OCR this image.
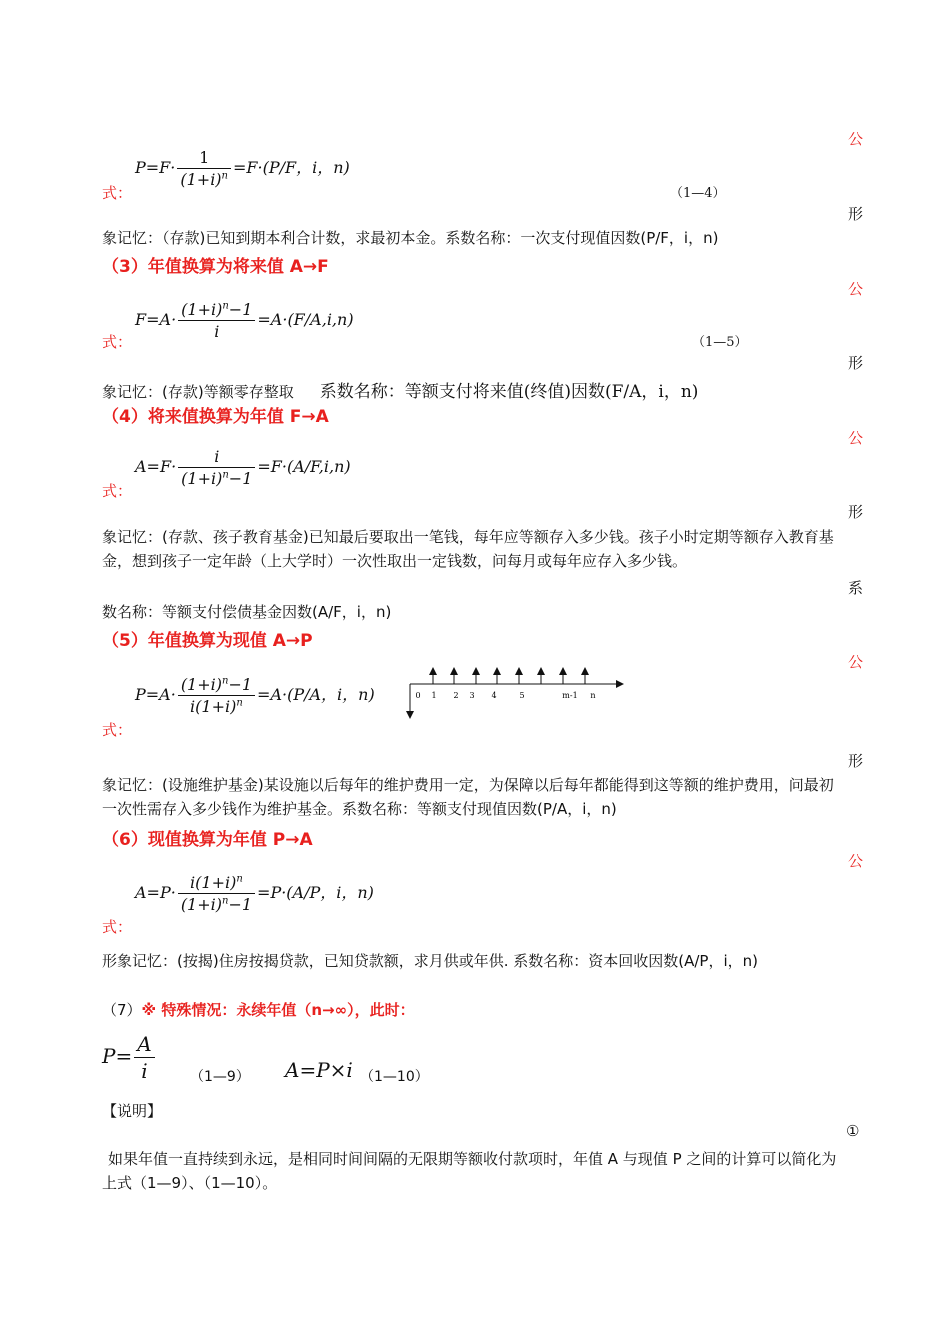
公
形
公
形
公
形
系
公
形
公
①
$P=F\cdot \frac{1}{(1+i)^n} =F\cdot(P/F$，i，n)
式：	（1—4）
象记忆：（存款)已知到期本利合计数，求最初本金。系数名称：一次支付现值因数(P/F，i，n)
（3）年值换算为将来值 A→F
$F=A\cdot \frac{(1+i)^n-1}{i} =A\cdot(F/A,i,n)$
式：	（1—5）
象记忆：(存款)等额零存整取 系数名称：等额支付将来值(终值)因数(F/A，i，n)
（4）将来值换算为年值 F→A
$A=F\cdot \frac{i}{(1+i)^n-1} =F\cdot(A/F,i,n)$
式：
象记忆：(存款、孩子教育基金)已知最后要取出一笔钱，每年应等额存入多少钱。孩子小时定期等额存入教育基金，想到孩子一定年龄（上大学时）一次性取出一定钱数，问每月或每年应存入多少钱。
数名称：等额支付偿债基金因数(A/F，i，n)
（5）年值换算为现值 A→P
$P=A\cdot \frac{(1+i)^n-1}{i(1+i)^n} =A\cdot(P/A$，i，n)
式：
0 1 2 3 4	5	m-1 n
象记忆：(设施维护基金)某设施以后每年的维护费用一定，为保障以后每年都能得到这等额的维护费用，问最初一次性需存入多少钱作为维护基金。系数名称：等额支付现值因数(P/A，i，n)
（6）现值换算为年值 P→A
$A=P\cdot \frac{i(1+i)^n}{(1+i)^n-1} =P\cdot(A/P$，i，n)
式：
形象记忆：(按揭)住房按揭贷款，已知贷款额，求月供或年供. 系数名称：资本回收因数(A/P，i，n)
（7）※ 特殊情况：永续年值（n→∞），此时：
$P= \frac{A}{i}$	（1—9） A=P×i （1—10）
【说明】
如果年值一直持续到永远，是相同时间间隔的无限期等额收付款项时，年值 A 与现值 P 之间的计算可以简化为上式（1—9）、（1—10）。
